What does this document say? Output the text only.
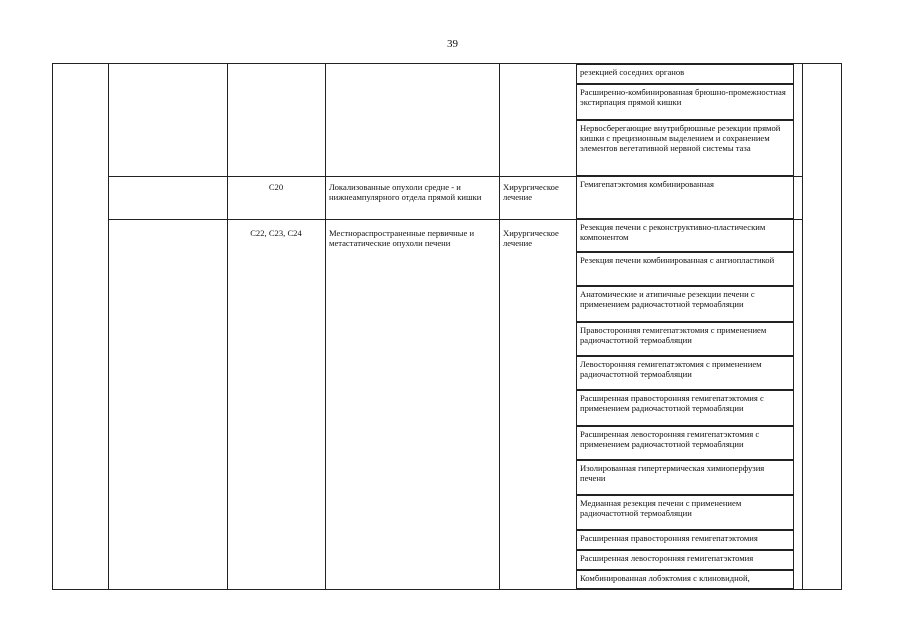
39
резекцией соседних органов
Расширенно-комбинированная брюшно-промежностная экстирпация прямой кишки
Нервосберегающие внутрибрюшные резекции прямой кишки с прецизионным выделением и сохранением элементов вегетативной нервной системы таза
C20	Локализованные опухоли средне - и нижнеампулярного отдела прямой кишки
Хирургическое лечение
Гемигепатэктомия комбинированная
C22, C23, C24	Местнораспространенные первичные и метастатические опухоли печени
Хирургическое лечение
Резекция печени с реконструктивно-пластическим компонентом
Резекция печени комбинированная с ангиопластикой
Анатомические и атипичные резекции печени с применением радиочастотной термоабляции
Правосторонняя гемигепатэктомия с применением радиочастотной термоабляции
Левосторонняя гемигепатэктомия с применением радиочастотной термоабляции
Расширенная правосторонняя гемигепатэктомия с применением радиочастотной термоабляции
Расширенная левосторонняя гемигепатэктомия с применением радиочастотной термоабляции
Изолированная гипертермическая химиоперфузия печени
Медианная резекция печени с применением радиочастотной термоабляции
Расширенная правосторонняя гемигепатэктомия
Расширенная левосторонняя гемигепатэктомия
Комбинированная лобэктомия с клиновидной,
